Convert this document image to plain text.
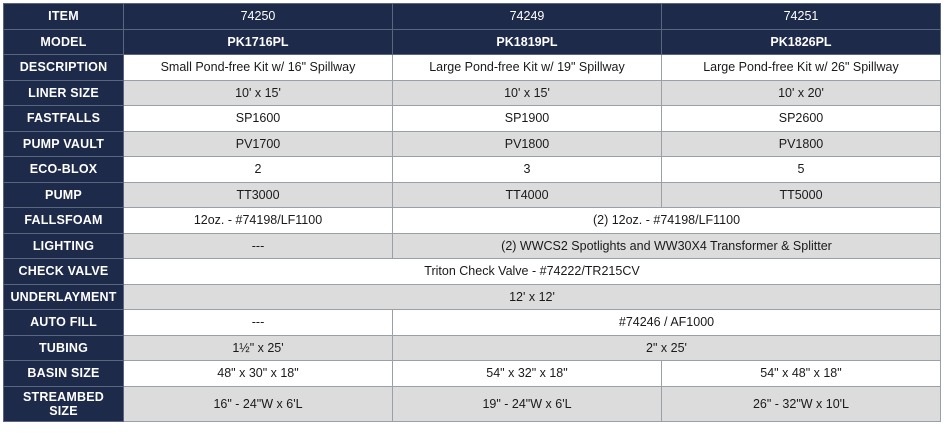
ITEM	74250	74249	74251
MODEL	PK1716PL	PK1819PL	PK1826PL
DESCRIPTION	Small Pond-free Kit w/ 16" Spillway	Large Pond-free Kit w/ 19" Spillway	Large Pond-free Kit w/ 26" Spillway
LINER SIZE	10' x 15'	10' x 15'	10' x 20'
FASTFALLS	SP1600	SP1900	SP2600
PUMP VAULT	PV1700	PV1800	PV1800
ECO-BLOX	2	3	5
PUMP	TT3000	TT4000	TT5000
FALLSFOAM	12oz. - #74198/LF1100	(2) 12oz. - #74198/LF1100	
LIGHTING	---	(2) WWCS2 Spotlights and WW30X4 Transformer & Splitter	
CHECK VALVE	Triton Check Valve - #74222/TR215CV		
UNDERLAYMENT	12' x 12'		
AUTO FILL	---	#74246 / AF1000	
TUBING	1½" x 25'	2" x 25'	
BASIN SIZE	48" x 30" x 18"	54" x 32" x 18"	54" x 48" x 18"
STREAMBED SIZE	16" - 24"W x 6'L	19" - 24"W x 6'L	26" - 32"W x 10'L
